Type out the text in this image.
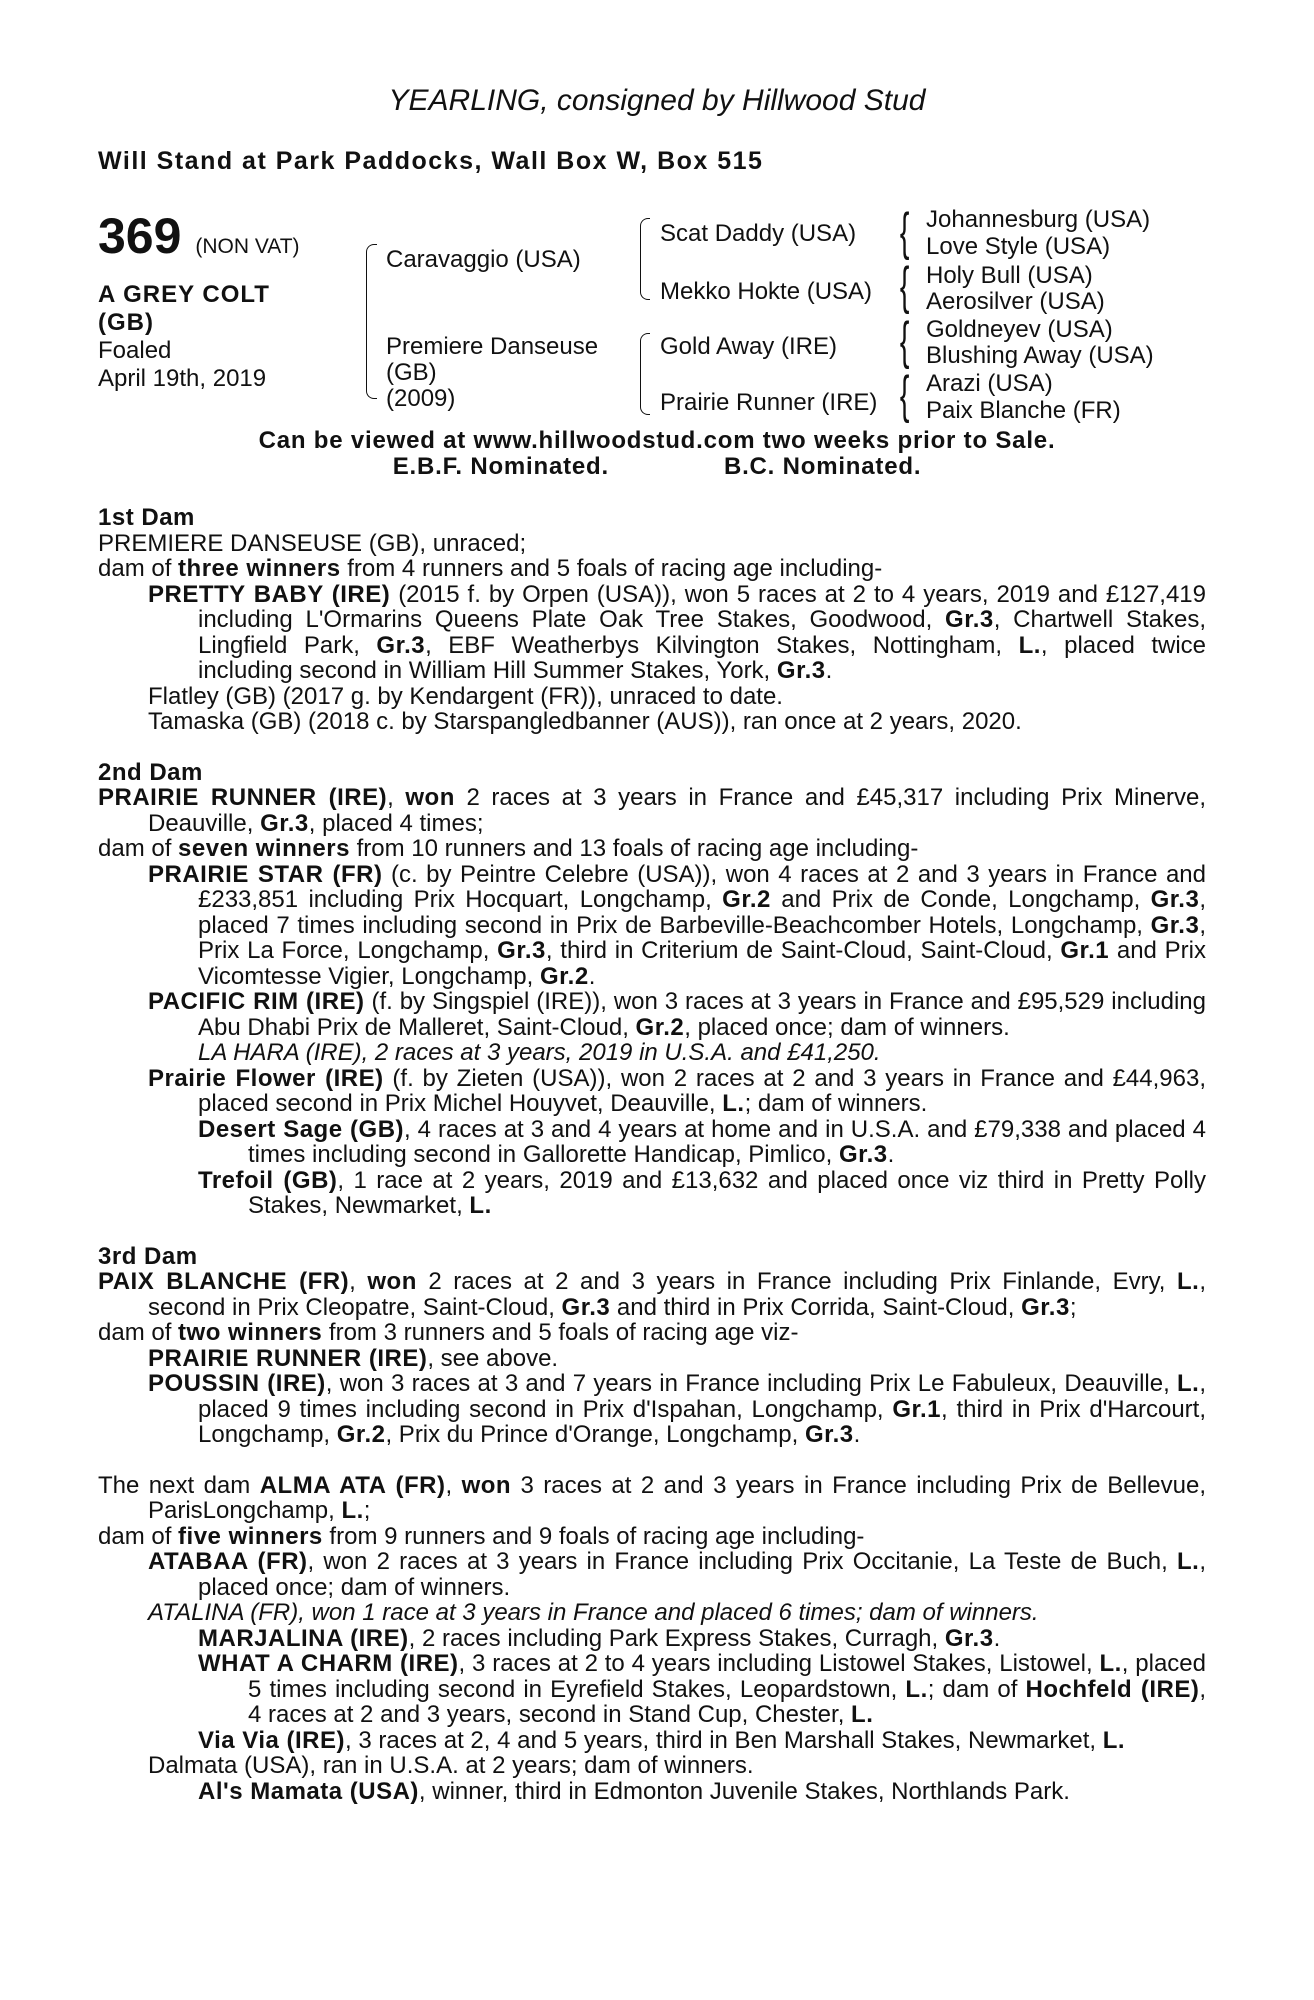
YEARLING, consigned by Hillwood Stud
Will Stand at Park Paddocks, Wall Box W, Box 515
369 (NON VAT)
A GREY COLT
(GB)
Foaled
April 19th, 2019
Caravaggio (USA)
Premiere Danseuse
(GB)
(2009)
Scat Daddy (USA)
Mekko Hokte (USA)
Gold Away (IRE)
Prairie Runner (IRE)
{ Johannesburg (USA)
Love Style (USA)
{ Holy Bull (USA)
Aerosilver (USA)
{ Goldneyev (USA)
Blushing Away (USA)
{ Arazi (USA)
Paix Blanche (FR)
Can be viewed at www.hillwoodstud.com two weeks prior to Sale.
E.B.F. Nominated.	B.C. Nominated.
1st Dam

PREMIERE DANSEUSE (GB), unraced;

dam of three winners from 4 runners and 5 foals of racing age including-

PRETTY BABY (IRE) (2015 f. by Orpen (USA)), won 5 races at 2 to 4 years, 2019 and £127,419 including L'Ormarins Queens Plate Oak Tree Stakes, Goodwood, Gr.3, Chartwell Stakes, Lingfield Park, Gr.3, EBF Weatherbys Kilvington Stakes, Nottingham, L., placed twice including second in William Hill Summer Stakes, York, Gr.3.

Flatley (GB) (2017 g. by Kendargent (FR)), unraced to date.

Tamaska (GB) (2018 c. by Starspangledbanner (AUS)), ran once at 2 years, 2020.

2nd Dam

PRAIRIE RUNNER (IRE), won 2 races at 3 years in France and £45,317 including Prix Minerve, Deauville, Gr.3, placed 4 times;

dam of seven winners from 10 runners and 13 foals of racing age including-

PRAIRIE STAR (FR) (c. by Peintre Celebre (USA)), won 4 races at 2 and 3 years in France and £233,851 including Prix Hocquart, Longchamp, Gr.2 and Prix de Conde, Longchamp, Gr.3, placed 7 times including second in Prix de Barbeville-Beachcomber Hotels, Longchamp, Gr.3, Prix La Force, Longchamp, Gr.3, third in Criterium de Saint-Cloud, Saint-Cloud, Gr.1 and Prix Vicomtesse Vigier, Longchamp, Gr.2.

PACIFIC RIM (IRE) (f. by Singspiel (IRE)), won 3 races at 3 years in France and £95,529 including Abu Dhabi Prix de Malleret, Saint-Cloud, Gr.2, placed once; dam of winners.

LA HARA (IRE), 2 races at 3 years, 2019 in U.S.A. and £41,250.

Prairie Flower (IRE) (f. by Zieten (USA)), won 2 races at 2 and 3 years in France and £44,963, placed second in Prix Michel Houyvet, Deauville, L.; dam of winners.

Desert Sage (GB), 4 races at 3 and 4 years at home and in U.S.A. and £79,338 and placed 4 times including second in Gallorette Handicap, Pimlico, Gr.3.

Trefoil (GB), 1 race at 2 years, 2019 and £13,632 and placed once viz third in Pretty Polly Stakes, Newmarket, L.

3rd Dam

PAIX BLANCHE (FR), won 2 races at 2 and 3 years in France including Prix Finlande, Evry, L., second in Prix Cleopatre, Saint-Cloud, Gr.3 and third in Prix Corrida, Saint-Cloud, Gr.3;

dam of two winners from 3 runners and 5 foals of racing age viz-

PRAIRIE RUNNER (IRE), see above.

POUSSIN (IRE), won 3 races at 3 and 7 years in France including Prix Le Fabuleux, Deauville, L., placed 9 times including second in Prix d'Ispahan, Longchamp, Gr.1, third in Prix d'Harcourt, Longchamp, Gr.2, Prix du Prince d'Orange, Longchamp, Gr.3.

The next dam ALMA ATA (FR), won 3 races at 2 and 3 years in France including Prix de Bellevue, ParisLongchamp, L.;

dam of five winners from 9 runners and 9 foals of racing age including-

ATABAA (FR), won 2 races at 3 years in France including Prix Occitanie, La Teste de Buch, L., placed once; dam of winners.

ATALINA (FR), won 1 race at 3 years in France and placed 6 times; dam of winners.

MARJALINA (IRE), 2 races including Park Express Stakes, Curragh, Gr.3.

WHAT A CHARM (IRE), 3 races at 2 to 4 years including Listowel Stakes, Listowel, L., placed 5 times including second in Eyrefield Stakes, Leopardstown, L.; dam of Hochfeld (IRE), 4 races at 2 and 3 years, second in Stand Cup, Chester, L.

Via Via (IRE), 3 races at 2, 4 and 5 years, third in Ben Marshall Stakes, Newmarket, L.

Dalmata (USA), ran in U.S.A. at 2 years; dam of winners.

Al's Mamata (USA), winner, third in Edmonton Juvenile Stakes, Northlands Park.
